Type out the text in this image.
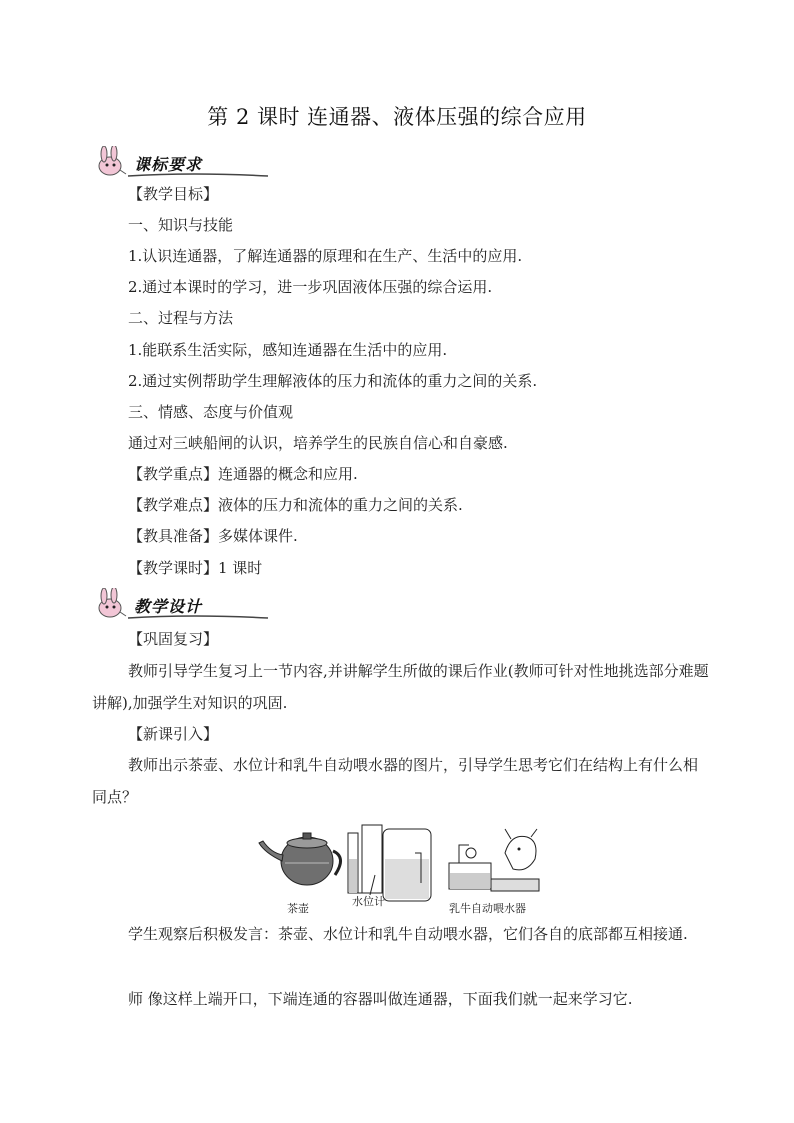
第 2 课时 连通器、液体压强的综合应用
课标要求
【教学目标】
一、知识与技能
1.认识连通器，了解连通器的原理和在生产、生活中的应用.
2.通过本课时的学习，进一步巩固液体压强的综合运用.
二、过程与方法
1.能联系生活实际，感知连通器在生活中的应用.
2.通过实例帮助学生理解液体的压力和流体的重力之间的关系.
三、情感、态度与价值观
通过对三峡船闸的认识，培养学生的民族自信心和自豪感.
【教学重点】连通器的概念和应用.
【教学难点】液体的压力和流体的重力之间的关系.
【教具准备】多媒体课件.
【教学课时】1 课时
教学设计
【巩固复习】
教师引导学生复习上一节内容,并讲解学生所做的课后作业(教师可针对性地挑选部分难题讲解),加强学生对知识的巩固.
【新课引入】
教师出示茶壶、水位计和乳牛自动喂水器的图片，引导学生思考它们在结构上有什么相同点？
茶壶
水位计
乳牛自动喂水器
学生观察后积极发言：茶壶、水位计和乳牛自动喂水器，它们各自的底部都互相接通.
师 像这样上端开口，下端连通的容器叫做连通器，下面我们就一起来学习它.
